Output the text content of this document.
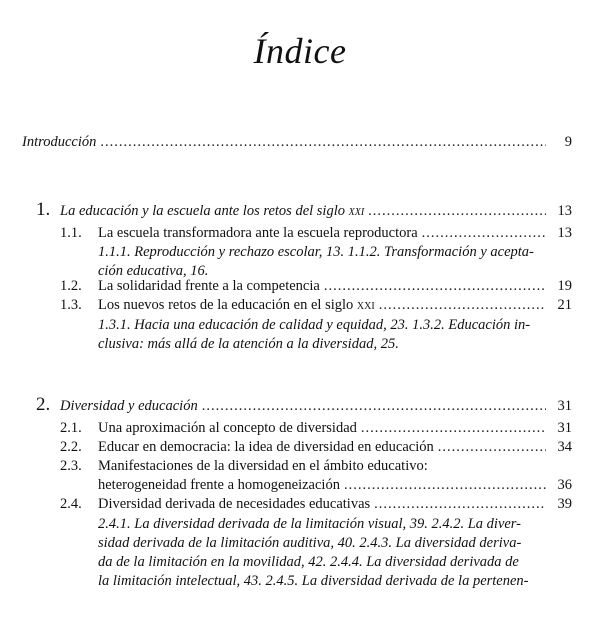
Índice
Introducción .....	9
1. La educación y la escuela ante los retos del siglo xxi .....	13
1.1.	La escuela transformadora ante la escuela reproductora .....	13
1.1.1. Reproducción y rechazo escolar, 13. 1.1.2. Transformación y acepta-
ción educativa, 16.
1.2.	La solidaridad frente a la competencia .....	19
1.3.	Los nuevos retos de la educación en el siglo xxi .....	21
1.3.1. Hacia una educación de calidad y equidad, 23. 1.3.2. Educación in-
clusiva: más allá de la atención a la diversidad, 25.
2. Diversidad y educación .....	31
2.1.	Una aproximación al concepto de diversidad .....	31
2.2.	Educar en democracia: la idea de diversidad en educación .....	34
2.3.	Manifestaciones de la diversidad en el ámbito educativo:
heterogeneidad frente a homogeneización .....	36
2.4.	Diversidad derivada de necesidades educativas .....	39
2.4.1. La diversidad derivada de la limitación visual, 39. 2.4.2. La diver-
sidad derivada de la limitación auditiva, 40. 2.4.3. La diversidad deriva-
da de la limitación en la movilidad, 42. 2.4.4. La diversidad derivada de
la limitación intelectual, 43. 2.4.5. La diversidad derivada de la pertenen-
